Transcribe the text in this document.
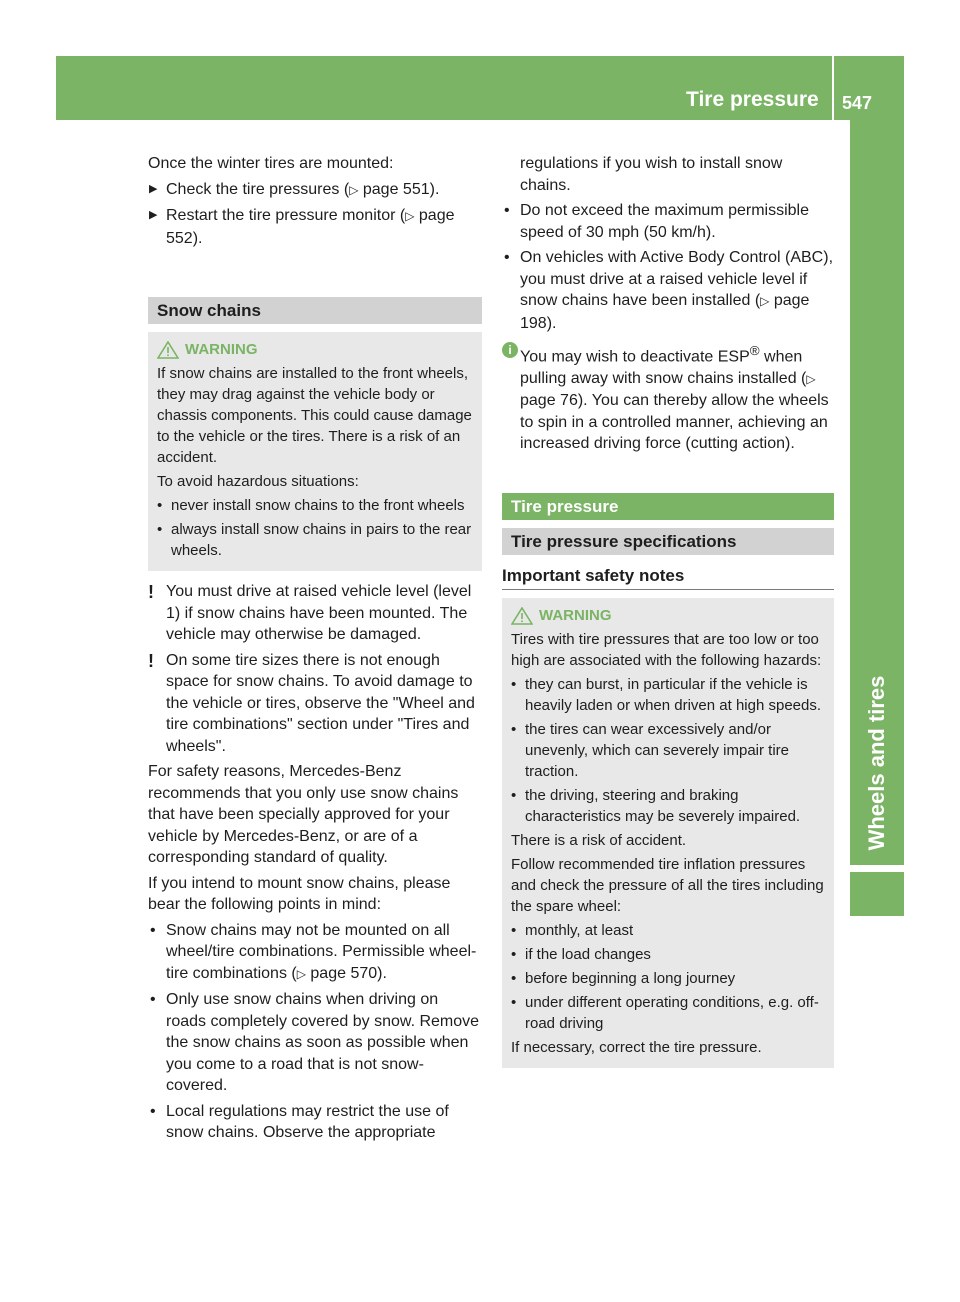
Tire pressure 547
Wheels and tires

Once the winter tires are mounted:

▶ Check the tire pressures (▷ page 551).
▶ Restart the tire pressure monitor (▷ page 552).
Snow chains
WARNING

If snow chains are installed to the front wheels, they may drag against the vehicle body or chassis components. This could cause damage to the vehicle or the tires. There is a risk of an accident.

To avoid hazardous situations:

• never install snow chains to the front wheels
• always install snow chains in pairs to the rear wheels.
! You must drive at raised vehicle level (level 1) if snow chains have been mounted. The vehicle may otherwise be damaged.
! On some tire sizes there is not enough space for snow chains. To avoid damage to the vehicle or tires, observe the "Wheel and tire combinations" section under "Tires and wheels".

For safety reasons, Mercedes-Benz recommends that you only use snow chains that have been specially approved for your vehicle by Mercedes-Benz, or are of a corresponding standard of quality.

If you intend to mount snow chains, please bear the following points in mind:

• Snow chains may not be mounted on all wheel/tire combinations. Permissible wheel-tire combinations (▷ page 570).
• Only use snow chains when driving on roads completely covered by snow. Remove the snow chains as soon as possible when you come to a road that is not snow-covered.
• Local regulations may restrict the use of snow chains. Observe the appropriate
regulations if you wish to install snow chains.
• Do not exceed the maximum permissible speed of 30 mph (50 km/h).
• On vehicles with Active Body Control (ABC), you must drive at a raised vehicle level if snow chains have been installed (▷ page 198).
i You may wish to deactivate ESP® when pulling away with snow chains installed (▷ page 76). You can thereby allow the wheels to spin in a controlled manner, achieving an increased driving force (cutting action).
Tire pressure
Tire pressure specifications
Important safety notes
WARNING

Tires with tire pressures that are too low or too high are associated with the following hazards:

• they can burst, in particular if the vehicle is heavily laden or when driven at high speeds.
• the tires can wear excessively and/or unevenly, which can severely impair tire traction.
• the driving, steering and braking characteristics may be severely impaired.

There is a risk of accident.

Follow recommended tire inflation pressures and check the pressure of all the tires including the spare wheel:

• monthly, at least
• if the load changes
• before beginning a long journey
• under different operating conditions, e.g. off-road driving

If necessary, correct the tire pressure.
